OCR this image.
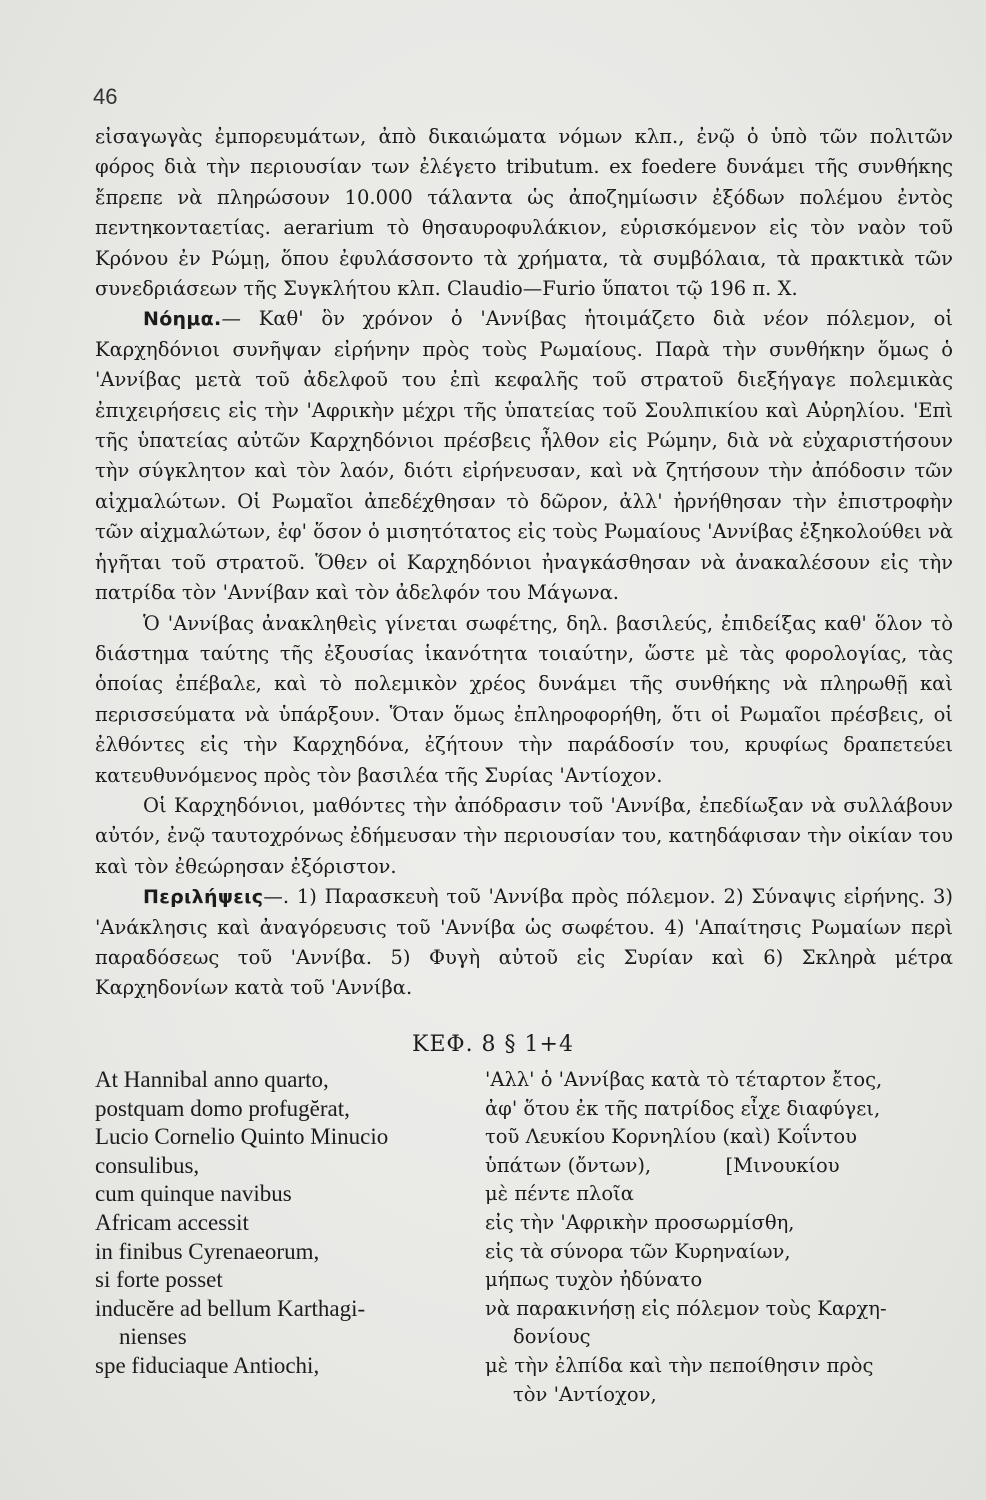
46

εἰσαγωγὰς ἐμπορευμάτων, ἀπὸ δικαιώματα νόμων κλπ., ἐνῷ ὁ ὑπὸ τῶν πολιτῶν φόρος διὰ τὴν περιουσίαν των ἐλέγετο tributum. ex foedere δυνάμει τῆς συνθήκης ἔπρεπε νὰ πληρώσουν 10.000 τάλαντα ὡς ἀποζημίωσιν ἐξόδων πολέμου ἐντὸς πεντηκονταετίας. aerarium τὸ θησαυροφυλάκιον, εὑρισκόμενον εἰς τὸν ναὸν τοῦ Κρόνου ἐν Ρώμῃ, ὅπου ἐφυλάσσοντο τὰ χρήματα, τὰ συμβόλαια, τὰ πρακτικὰ τῶν συνεδριάσεων τῆς Συγκλήτου κλπ. Claudio—Furio ὕπατοι τῷ 196 π. Χ.

Νόημα.— Καθ' ὃν χρόνον ὁ 'Αννίβας ἡτοιμάζετο διὰ νέον πόλεμον, οἱ Καρχηδόνιοι συνῆψαν εἰρήνην πρὸς τοὺς Ρωμαίους. Παρὰ τὴν συνθήκην ὅμως ὁ 'Αννίβας μετὰ τοῦ ἀδελφοῦ του ἐπὶ κεφαλῆς τοῦ στρατοῦ διεξήγαγε πολεμικὰς ἐπιχειρήσεις εἰς τὴν 'Αφρικὴν μέχρι τῆς ὑπατείας τοῦ Σουλπικίου καὶ Αὐρηλίου. 'Επὶ τῆς ὑπατείας αὐτῶν Καρχηδόνιοι πρέσβεις ἦλθον εἰς Ρώμην, διὰ νὰ εὐχαριστήσουν τὴν σύγκλητον καὶ τὸν λαόν, διότι εἰρήνευσαν, καὶ νὰ ζητήσουν τὴν ἀπόδοσιν τῶν αἰχμαλώτων. Οἱ Ρωμαῖοι ἀπεδέχθησαν τὸ δῶρον, ἀλλ' ἠρνήθησαν τὴν ἐπιστροφὴν τῶν αἰχμαλώτων, ἐφ' ὅσον ὁ μισητότατος εἰς τοὺς Ρωμαίους 'Αννίβας ἐξηκολούθει νὰ ἡγῆται τοῦ στρατοῦ. Ὅθεν οἱ Καρχηδόνιοι ἠναγκάσθησαν νὰ ἀνακαλέσουν εἰς τὴν πατρίδα τὸν 'Αννίβαν καὶ τὸν ἀδελφόν του Μάγωνα.

Ὁ 'Αννίβας ἀνακληθεὶς γίνεται σωφέτης, δηλ. βασιλεύς, ἐπιδείξας καθ' ὅλον τὸ διάστημα ταύτης τῆς ἐξουσίας ἱκανότητα τοιαύτην, ὥστε μὲ τὰς φορολογίας, τὰς ὁποίας ἐπέβαλε, καὶ τὸ πολεμικὸν χρέος δυνάμει τῆς συνθήκης νὰ πληρωθῇ καὶ περισσεύματα νὰ ὑπάρξουν. Ὅταν ὅμως ἐπληροφορήθη, ὅτι οἱ Ρωμαῖοι πρέσβεις, οἱ ἐλθόντες εἰς τὴν Καρχηδόνα, ἐζήτουν τὴν παράδοσίν του, κρυφίως δραπετεύει κατευθυνόμενος πρὸς τὸν βασιλέα τῆς Συρίας 'Αντίοχον.

Οἱ Καρχηδόνιοι, μαθόντες τὴν ἀπόδρασιν τοῦ 'Αννίβα, ἐπεδίωξαν νὰ συλλάβουν αὐτόν, ἐνῷ ταυτοχρόνως ἐδήμευσαν τὴν περιουσίαν του, κατηδάφισαν τὴν οἰκίαν του καὶ τὸν ἐθεώρησαν ἐξόριστον.

Περιλήψεις—. 1) Παρασκευὴ τοῦ 'Αννίβα πρὸς πόλεμον. 2) Σύναψις εἰρήνης. 3) 'Ανάκλησις καὶ ἀναγόρευσις τοῦ 'Αννίβα ὡς σωφέτου. 4) 'Απαίτησις Ρωμαίων περὶ παραδόσεως τοῦ 'Αννίβα. 5) Φυγὴ αὐτοῦ εἰς Συρίαν καὶ 6) Σκληρὰ μέτρα Καρχηδονίων κατὰ τοῦ 'Αννίβα.

ΚΕΦ. 8 § 1+4
At Hannibal anno quarto,
postquam domo profugĕrat,
Lucio Cornelio Quinto Minucio
consulibus,
cum quinque navibus
Africam accessit
in finibus Cyrenaeorum,
si forte posset
inducĕre ad bellum Karthagi-
nienses
spe fiduciaque Antiochi,
'Αλλ' ὁ 'Αννίβας κατὰ τὸ τέταρτον ἔτος,
ἀφ' ὅτου ἐκ τῆς πατρίδος εἶχε διαφύγει,
τοῦ Λευκίου Κορνηλίου (καὶ) Κοΐντου
ὑπάτων (ὄντων),            [Μινουκίου
μὲ πέντε πλοῖα
εἰς τὴν 'Αφρικὴν προσωρμίσθη,
εἰς τὰ σύνορα τῶν Κυρηναίων,
μήπως τυχὸν ἠδύνατο
νὰ παρακινήσῃ εἰς πόλεμον τοὺς Καρχη-
δονίους
μὲ τὴν ἐλπίδα καὶ τὴν πεποίθησιν πρὸς
τὸν 'Αντίοχον,
